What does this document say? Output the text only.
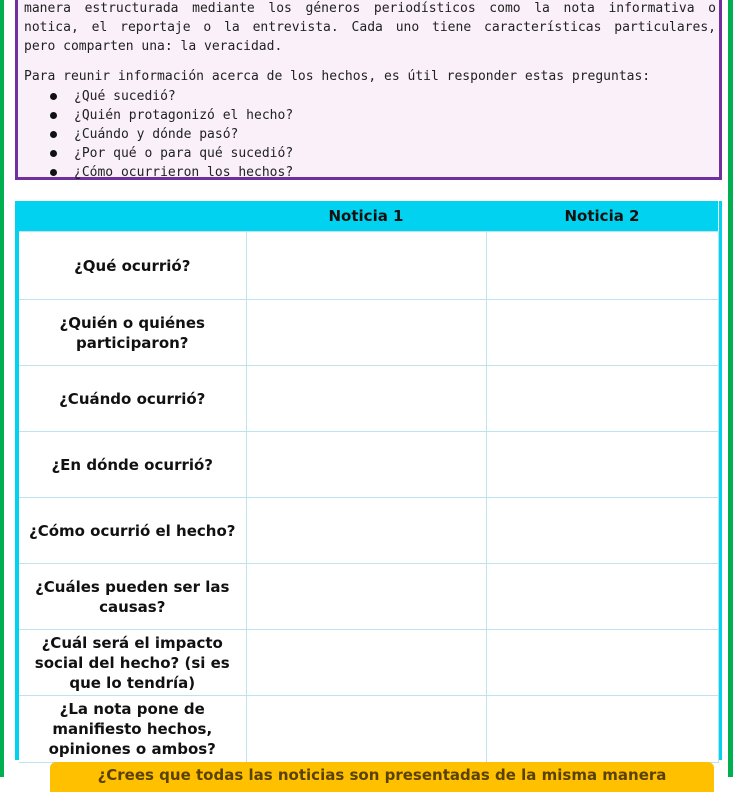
manera estructurada mediante los géneros periodísticos como la nota informativa o
notica, el reportaje o la entrevista. Cada uno tiene características particulares,
pero comparten una: la veracidad.

Para reunir información acerca de los hechos, es útil responder estas preguntas:

¿Qué sucedió?
¿Quién protagonizó el hecho?
¿Cuándo y dónde pasó?
¿Por qué o para qué sucedió?
¿Cómo ocurrieron los hechos?
	Noticia 1	Noticia 2
¿Qué ocurrió?		
¿Quién o quiénes participaron?		
¿Cuándo ocurrió?		
¿En dónde ocurrió?		
¿Cómo ocurrió el hecho?		
¿Cuáles pueden ser las causas?		
¿Cuál será el impacto social del hecho? (si es que lo tendría)		
¿La nota pone de manifiesto hechos, opiniones o ambos?		
¿Crees que todas las noticias son presentadas de la misma manera
